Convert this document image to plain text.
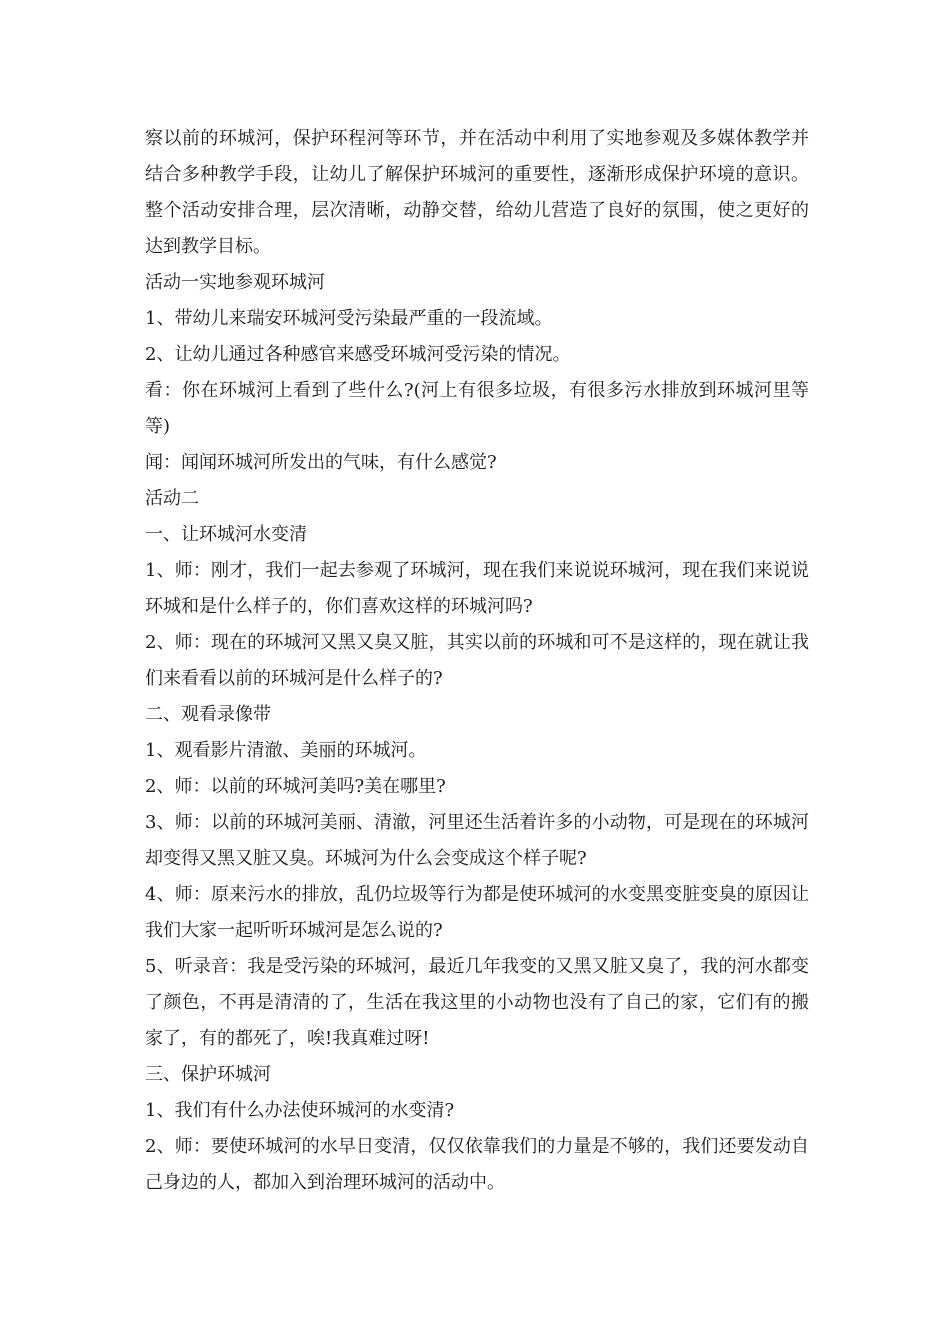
察以前的环城河，保护环程河等环节，并在活动中利用了实地参观及多媒体教学并结合多种教学手段，让幼儿了解保护环城河的重要性，逐渐形成保护环境的意识。整个活动安排合理，层次清晰，动静交替，给幼儿营造了良好的氛围，使之更好的达到教学目标。

活动一实地参观环城河

1、带幼儿来瑞安环城河受污染最严重的一段流域。

2、让幼儿通过各种感官来感受环城河受污染的情况。

看：你在环城河上看到了些什么?(河上有很多垃圾，有很多污水排放到环城河里等等)

闻：闻闻环城河所发出的气味，有什么感觉?

活动二

一、让环城河水变清

1、师：刚才，我们一起去参观了环城河，现在我们来说说环城河，现在我们来说说环城和是什么样子的，你们喜欢这样的环城河吗?

2、师：现在的环城河又黑又臭又脏，其实以前的环城和可不是这样的，现在就让我们来看看以前的环城河是什么样子的?

二、观看录像带

1、观看影片清澈、美丽的环城河。

2、师：以前的环城河美吗?美在哪里?

3、师：以前的环城河美丽、清澈，河里还生活着许多的小动物，可是现在的环城河却变得又黑又脏又臭。环城河为什么会变成这个样子呢?

4、师：原来污水的排放，乱仍垃圾等行为都是使环城河的水变黑变脏变臭的原因让我们大家一起听听环城河是怎么说的?

5、听录音：我是受污染的环城河，最近几年我变的又黑又脏又臭了，我的河水都变了颜色，不再是清清的了，生活在我这里的小动物也没有了自己的家，它们有的搬家了，有的都死了，唉!我真难过呀!

三、保护环城河

1、我们有什么办法使环城河的水变清?

2、师：要使环城河的水早日变清，仅仅依靠我们的力量是不够的，我们还要发动自己身边的人，都加入到治理环城河的活动中。
